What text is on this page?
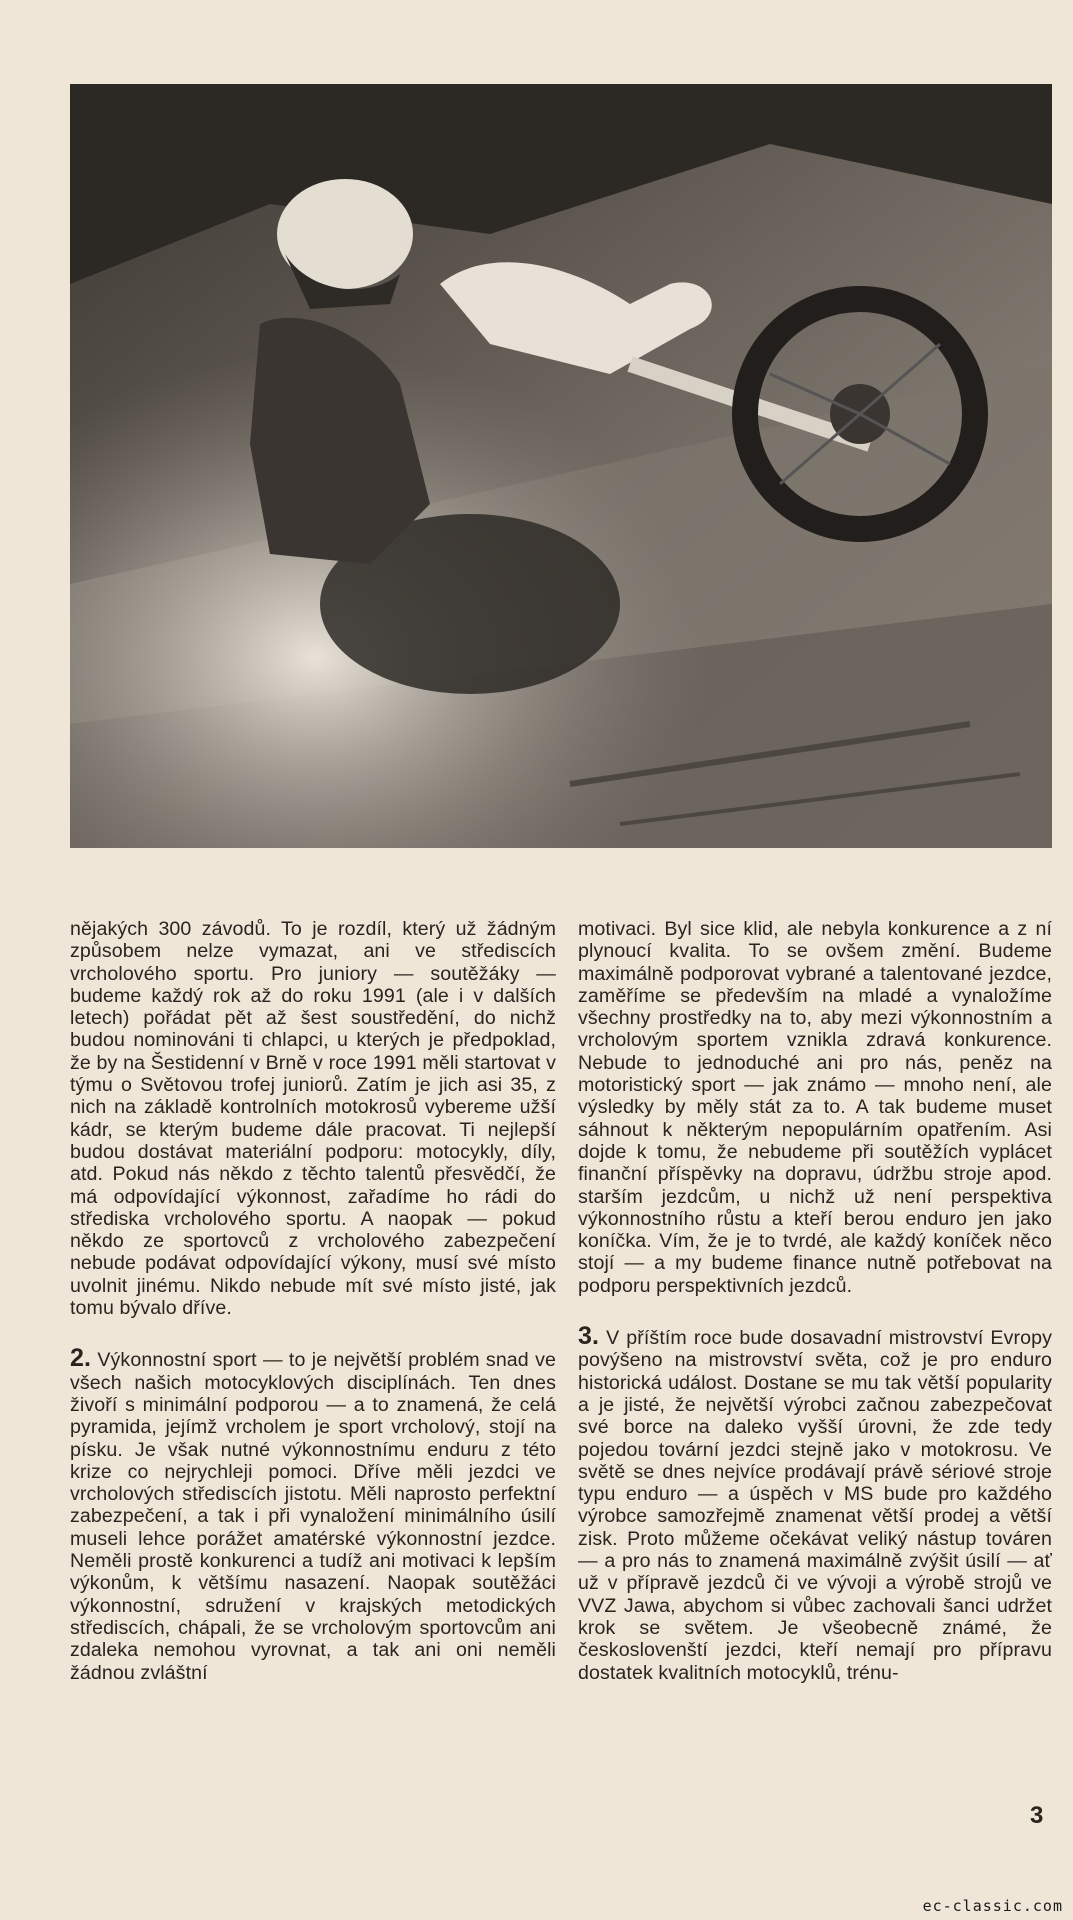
nějakých 300 závodů. To je rozdíl, který už žádným způsobem nelze vymazat, ani ve střediscích vrcholového sportu. Pro juniory — soutěžáky — budeme každý rok až do roku 1991 (ale i v dalších letech) pořádat pět až šest soustředění, do nichž budou nominováni ti chlapci, u kterých je předpoklad, že by na Šestidenní v Brně v roce 1991 měli startovat v týmu o Světovou trofej juniorů. Zatím je jich asi 35, z nich na základě kontrolních motokrosů vybereme užší kádr, se kterým budeme dále pracovat. Ti nejlepší budou dostávat materiální podporu: motocykly, díly, atd. Pokud nás někdo z těchto talentů přesvědčí, že má odpovídající výkonnost, zařadíme ho rádi do střediska vrcholového sportu. A naopak — pokud někdo ze sportovců z vrcholového zabezpečení nebude podávat odpovídající výkony, musí své místo uvolnit jinému. Nikdo nebude mít své místo jisté, jak tomu bývalo dříve.

2. Výkonnostní sport — to je největší problém snad ve všech našich motocyklových disciplínách. Ten dnes živoří s minimální podporou — a to znamená, že celá pyramida, jejímž vrcholem je sport vrcholový, stojí na písku. Je však nutné výkonnostnímu enduru z této krize co nejrychleji pomoci. Dříve měli jezdci ve vrcholových střediscích jistotu. Měli naprosto perfektní zabezpečení, a tak i při vynaložení minimálního úsilí museli lehce porážet amatérské výkonnostní jezdce. Neměli prostě konkurenci a tudíž ani motivaci k lepším výkonům, k většímu nasazení. Naopak soutěžáci výkonnostní, sdružení v krajských metodických střediscích, chápali, že se vrcholovým sportovcům ani zdaleka nemohou vyrovnat, a tak ani oni neměli žádnou zvláštní

motivaci. Byl sice klid, ale nebyla konkurence a z ní plynoucí kvalita. To se ovšem změní. Budeme maximálně podporovat vybrané a talentované jezdce, zaměříme se především na mladé a vynaložíme všechny prostředky na to, aby mezi výkonnostním a vrcholovým sportem vznikla zdravá konkurence. Nebude to jednoduché ani pro nás, peněz na motoristický sport — jak známo — mnoho není, ale výsledky by měly stát za to. A tak budeme muset sáhnout k některým nepopulárním opatřením. Asi dojde k tomu, že nebudeme při soutěžích vyplácet finanční příspěvky na dopravu, údržbu stroje apod. starším jezdcům, u nichž už není perspektiva výkonnostního růstu a kteří berou enduro jen jako koníčka. Vím, že je to tvrdé, ale každý koníček něco stojí — a my budeme finance nutně potřebovat na podporu perspektivních jezdců.

3. V příštím roce bude dosavadní mistrovství Evropy povýšeno na mistrovství světa, což je pro enduro historická událost. Dostane se mu tak větší popularity a je jisté, že největší výrobci začnou zabezpečovat své borce na daleko vyšší úrovni, že zde tedy pojedou tovární jezdci stejně jako v motokrosu. Ve světě se dnes nejvíce prodávají právě sériové stroje typu enduro — a úspěch v MS bude pro každého výrobce samozřejmě znamenat větší prodej a větší zisk. Proto můžeme očekávat veliký nástup továren — a pro nás to znamená maximálně zvýšit úsilí — ať už v přípravě jezdců či ve vývoji a výrobě strojů ve VVZ Jawa, abychom si vůbec zachovali šanci udržet krok se světem. Je všeobecně známé, že českoslovenští jezdci, kteří nemají pro přípravu dostatek kvalitních motocyklů, trénu-

3
ec-classic.com
